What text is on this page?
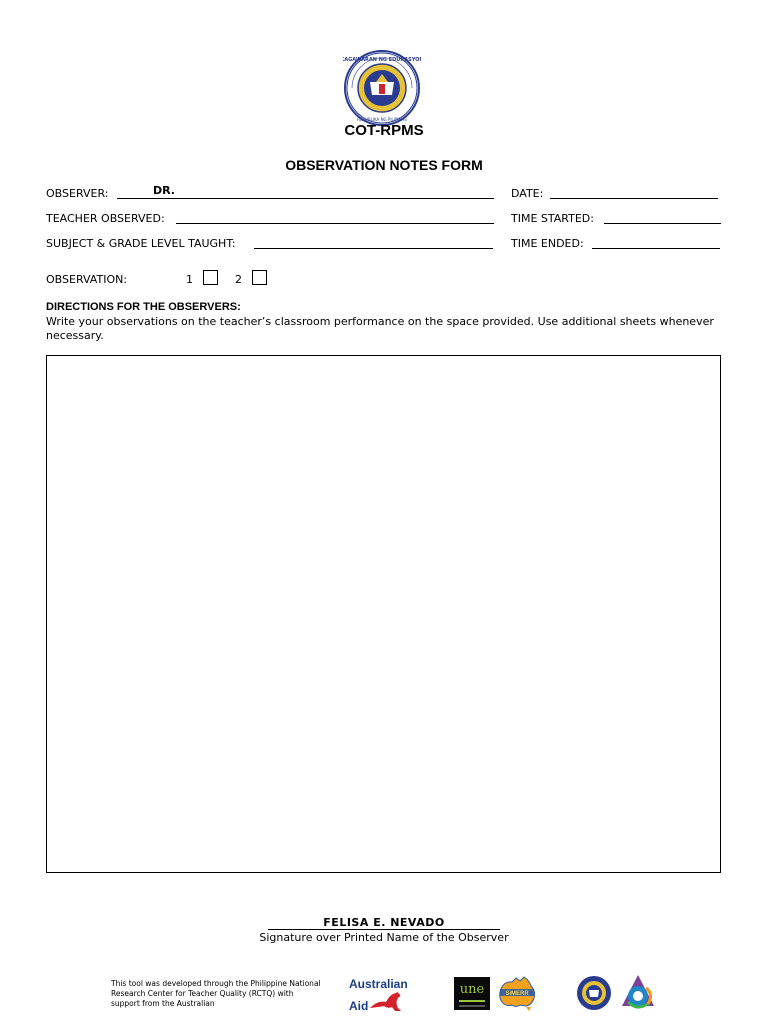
KAGAWARAN NG EDUKASYON
REPUBLIKA NG PILIPINAS
COT-RPMS
OBSERVATION NOTES FORM
OBSERVER:	DR.	DATE:
TEACHER OBSERVED:	TIME STARTED:
SUBJECT & GRADE LEVEL TAUGHT:	TIME ENDED:
OBSERVATION:	1	2
DIRECTIONS FOR THE OBSERVERS:
Write your observations on the teacher’s classroom performance on the space provided. Use additional sheets whenever necessary.
FELISA E. NEVADO
Signature over Printed Name of the Observer
This tool was developed through the Philippine National Research Center for Teacher Quality (RCTQ) with support from the Australian
Australian
Aid
une	SiMERR
